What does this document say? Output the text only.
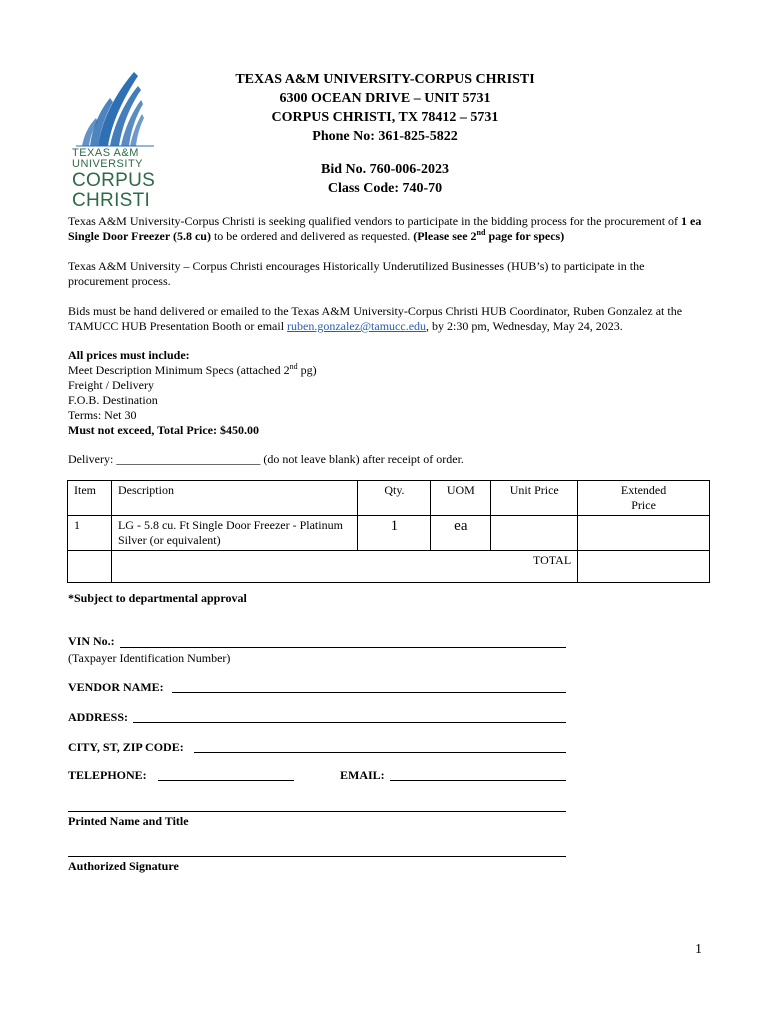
TEXAS A&M
UNIVERSITY
CORPUS
CHRISTI
TEXAS A&M UNIVERSITY-CORPUS CHRISTI
6300 OCEAN DRIVE – UNIT 5731
CORPUS CHRISTI, TX 78412 – 5731
Phone No: 361-825-5822
Bid No. 760-006-2023
Class Code: 740-70
Texas A&M University-Corpus Christi is seeking qualified vendors to participate in the bidding process for the procurement of 1 ea Single Door Freezer (5.8 cu) to be ordered and delivered as requested. (Please see 2nd page for specs)
Texas A&M University – Corpus Christi encourages Historically Underutilized Businesses (HUB’s) to participate in the procurement process.
Bids must be hand delivered or emailed to the Texas A&M University-Corpus Christi HUB Coordinator, Ruben Gonzalez at the TAMUCC HUB Presentation Booth or email ruben.gonzalez@tamucc.edu, by 2:30 pm, Wednesday, May 24, 2023.
All prices must include:
Meet Description Minimum Specs (attached 2nd pg)
Freight / Delivery
F.O.B. Destination
Terms: Net 30
Must not exceed, Total Price: $450.00
Delivery: ________________________ (do not leave blank) after receipt of order.
Item	Description	Qty.	UOM	Unit Price	Extended
Price
1	LG - 5.8 cu. Ft Single Door Freezer - Platinum Silver (or equivalent)	1	ea		
	TOTAL				
*Subject to departmental approval
VIN No.:
(Taxpayer Identification Number)
VENDOR NAME:
ADDRESS:
CITY, ST, ZIP CODE:
TELEPHONE:	EMAIL:
Printed Name and Title
Authorized Signature
1
